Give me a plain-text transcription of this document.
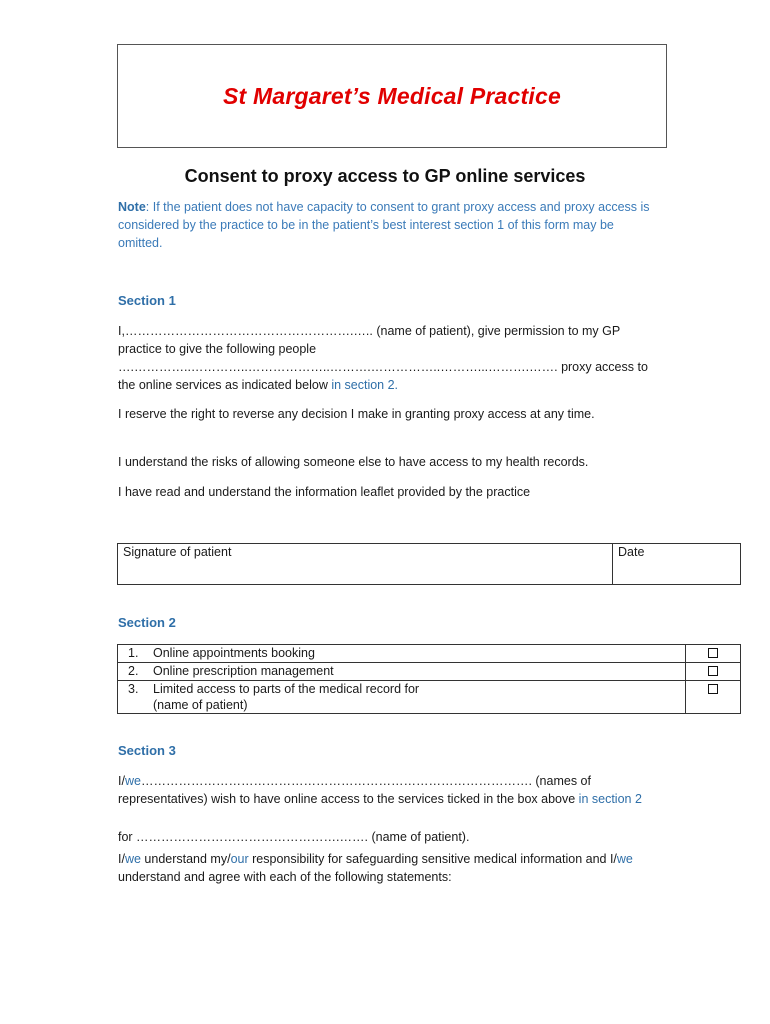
St Margaret’s Medical Practice
Consent to proxy access to GP online services
Note: If the patient does not have capacity to consent to grant proxy access and proxy access is considered by the practice to be in the patient’s best interest section 1 of this form may be omitted.
Section 1
I,……………………………………………….….. (name of patient), give permission to my GP practice to give the following people ….…………..…………..………………..……….……………..………...……….……. proxy access to the online services as indicated below in section 2.
I reserve the right to reverse any decision I make in granting proxy access at any time.
I understand the risks of allowing someone else to have access to my health records.
I have read and understand the information leaflet provided by the practice
Signature of patient	Date
Section 2
1.	Online appointments booking	
2.	Online prescription management	
3.	Limited access to parts of the medical record for
(name of patient)	
Section 3
I/we…………………………………………………………………………………. (names of representatives) wish to have online access to the services ticked in the box above in section 2
for ………………………………………….……. (name of patient).
I/we understand my/our responsibility for safeguarding sensitive medical information and I/we understand and agree with each of the following statements:
